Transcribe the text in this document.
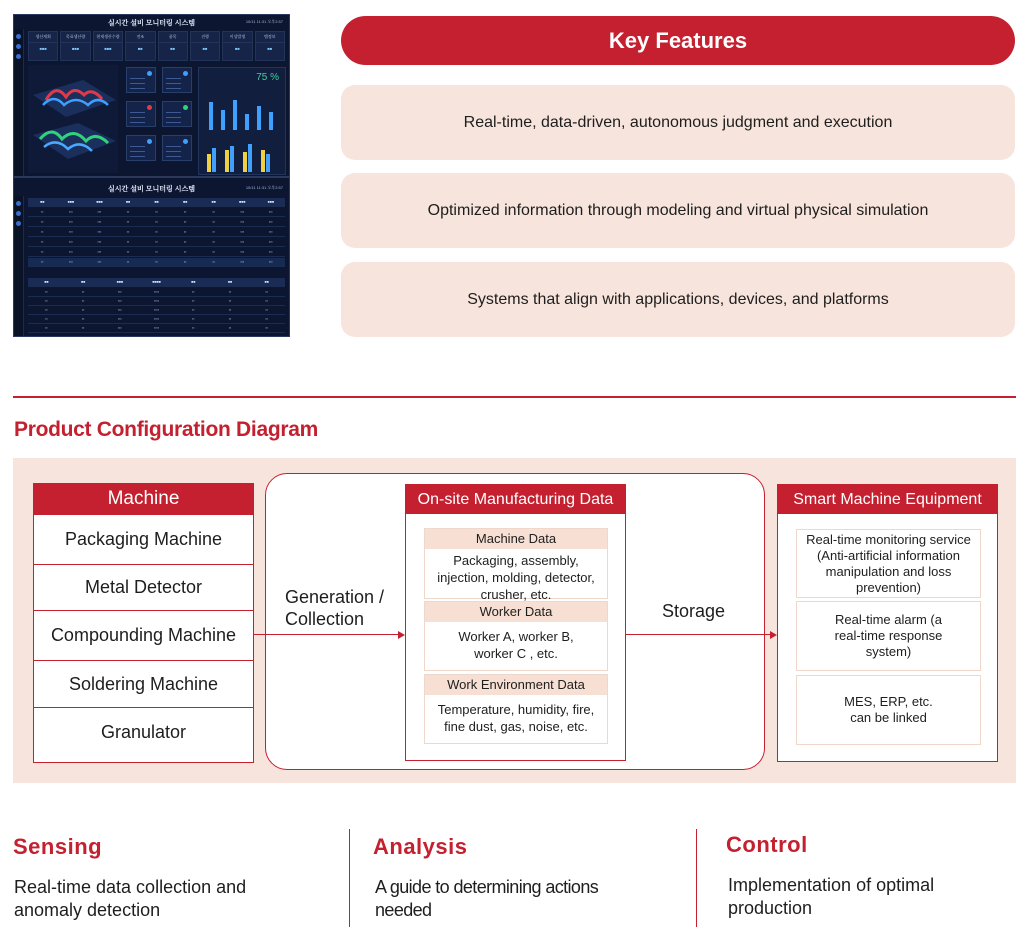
실시간 설비 모니터링 시스템	10/11 11:31 오후2:57
생산계획
■■■
목표생산량
■■■
현재생산수량
■■■
전조
■■
품목
■■
진행
■■
이상발생
■■
맵정보
■■
75 %
실시간 설비 모니터링 시스템	10/11 11:31 오후2:57
■■	■■■	■■■	■■	■■	■■	■■	■■■	■■■
▪▪	▪▪▪	▪▪▪	▪▪	▪▪	▪▪	▪▪	▪▪▪	▪▪▪
▪▪	▪▪▪	▪▪▪	▪▪	▪▪	▪▪	▪▪	▪▪▪	▪▪▪
▪▪	▪▪▪	▪▪▪	▪▪	▪▪	▪▪	▪▪	▪▪▪	▪▪▪
▪▪	▪▪▪	▪▪▪	▪▪	▪▪	▪▪	▪▪	▪▪▪	▪▪▪
▪▪	▪▪▪	▪▪▪	▪▪	▪▪	▪▪	▪▪	▪▪▪	▪▪▪
▪▪	▪▪▪	▪▪▪	▪▪	▪▪	▪▪	▪▪	▪▪▪	▪▪▪
■■	■■	■■■	■■■■	■■	■■	■■
▪▪	▪▪	▪▪▪	▪▪▪▪	▪▪	▪▪	▪▪
▪▪	▪▪	▪▪▪	▪▪▪▪	▪▪	▪▪	▪▪
▪▪	▪▪	▪▪▪	▪▪▪▪	▪▪	▪▪	▪▪
▪▪	▪▪	▪▪▪	▪▪▪▪	▪▪	▪▪	▪▪
▪▪	▪▪	▪▪▪	▪▪▪▪	▪▪	▪▪	▪▪
Key Features
Real-time, data-driven, autonomous judgment and execution
Optimized information through modeling and virtual physical simulation
Systems that align with applications, devices, and platforms
Product Configuration Diagram
Machine
Packaging Machine
Metal Detector
Compounding Machine
Soldering Machine
Granulator
Generation /
Collection	Storage
On-site Manufacturing Data
Machine Data
Packaging, assembly, injection, molding, detector, crusher, etc.
Worker Data
Worker A, worker B, worker C , etc.
Work Environment Data
Temperature, humidity, fire, fine dust, gas, noise, etc.
Smart Machine Equipment
Real-time monitoring service (Anti-artificial information manipulation and loss prevention)
Real-time alarm (a real-time response system)
MES, ERP, etc. can be linked
Sensing
Real-time data collection and anomaly detection
Analysis
A guide to determining actions needed
Control
Implementation of optimal production
